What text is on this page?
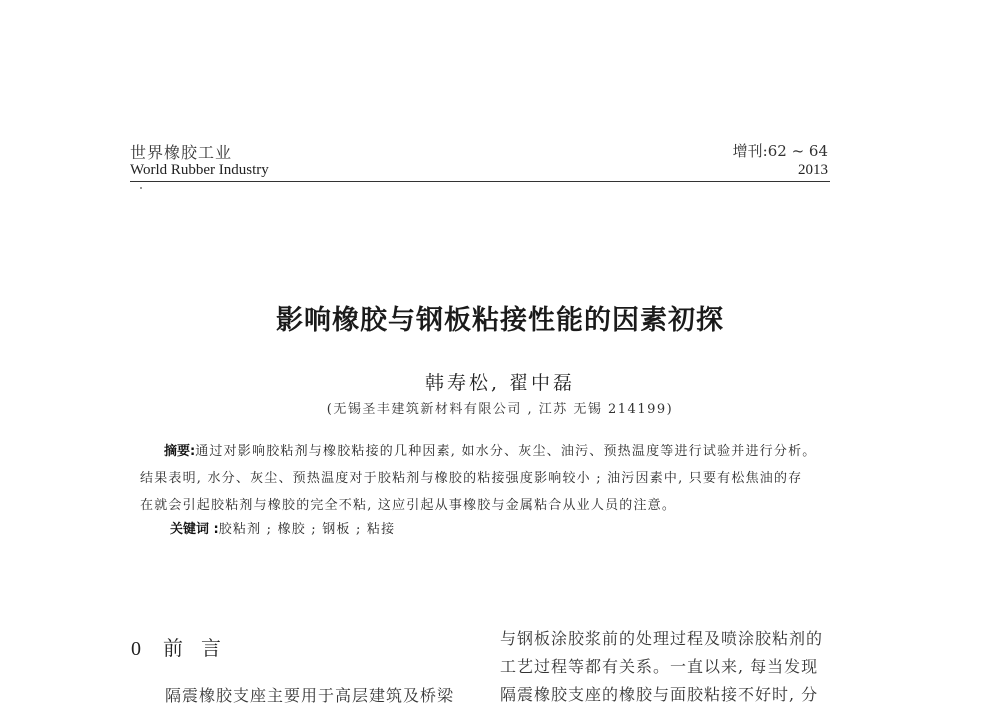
世界橡胶工业
World Rubber Industry
增刊:62 ~ 64
2013
影响橡胶与钢板粘接性能的因素初探
韩寿松, 翟中磊
(无锡圣丰建筑新材料有限公司 , 江苏 无锡 214199)
摘要:通过对影响胶粘剂与橡胶粘接的几种因素, 如水分、灰尘、油污、预热温度等进行试验并进行分析。
结果表明, 水分、灰尘、预热温度对于胶粘剂与橡胶的粘接强度影响较小 ; 油污因素中, 只要有松焦油的存
在就会引起胶粘剂与橡胶的完全不粘, 这应引起从事橡胶与金属粘合从业人员的注意。
关键词 :胶粘剂 ; 橡胶 ; 钢板 ; 粘接
0 前言
隔震橡胶支座主要用于高层建筑及桥梁
与钢板涂胶浆前的处理过程及喷涂胶粘剂的
工艺过程等都有关系。一直以来, 每当发现
隔震橡胶支座的橡胶与面胶粘接不好时, 分
